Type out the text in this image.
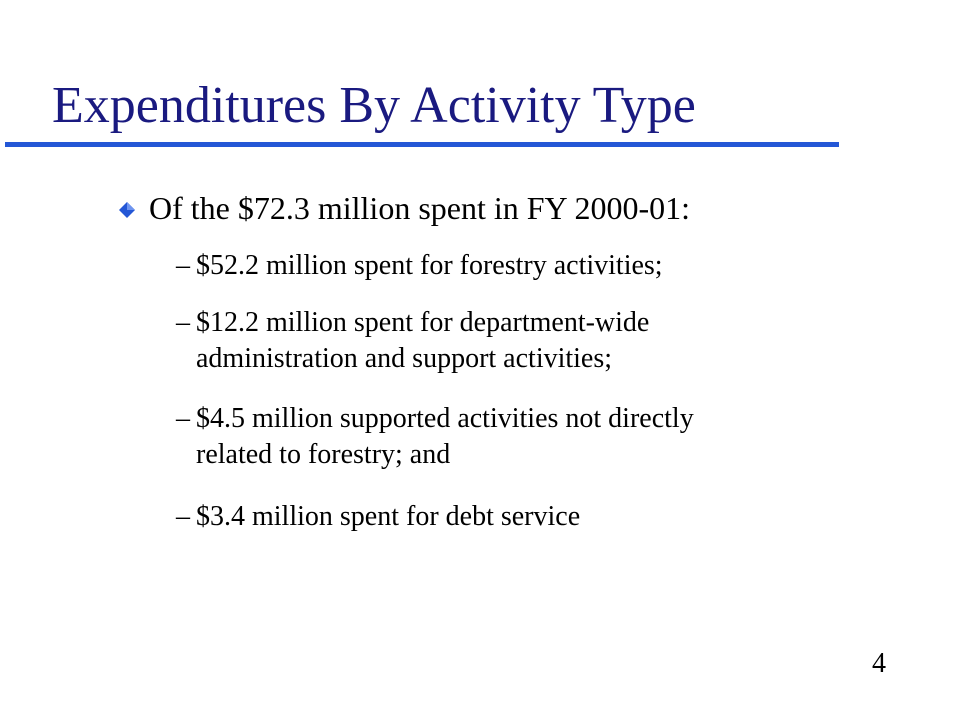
Expenditures By Activity Type
Of the $72.3 million spent in FY 2000-01:
– $52.2 million spent for forestry activities;
– $12.2 million spent for department-wide
administration and support activities;
– $4.5 million supported activities not directly
related to forestry; and
– $3.4 million spent for debt service
4
